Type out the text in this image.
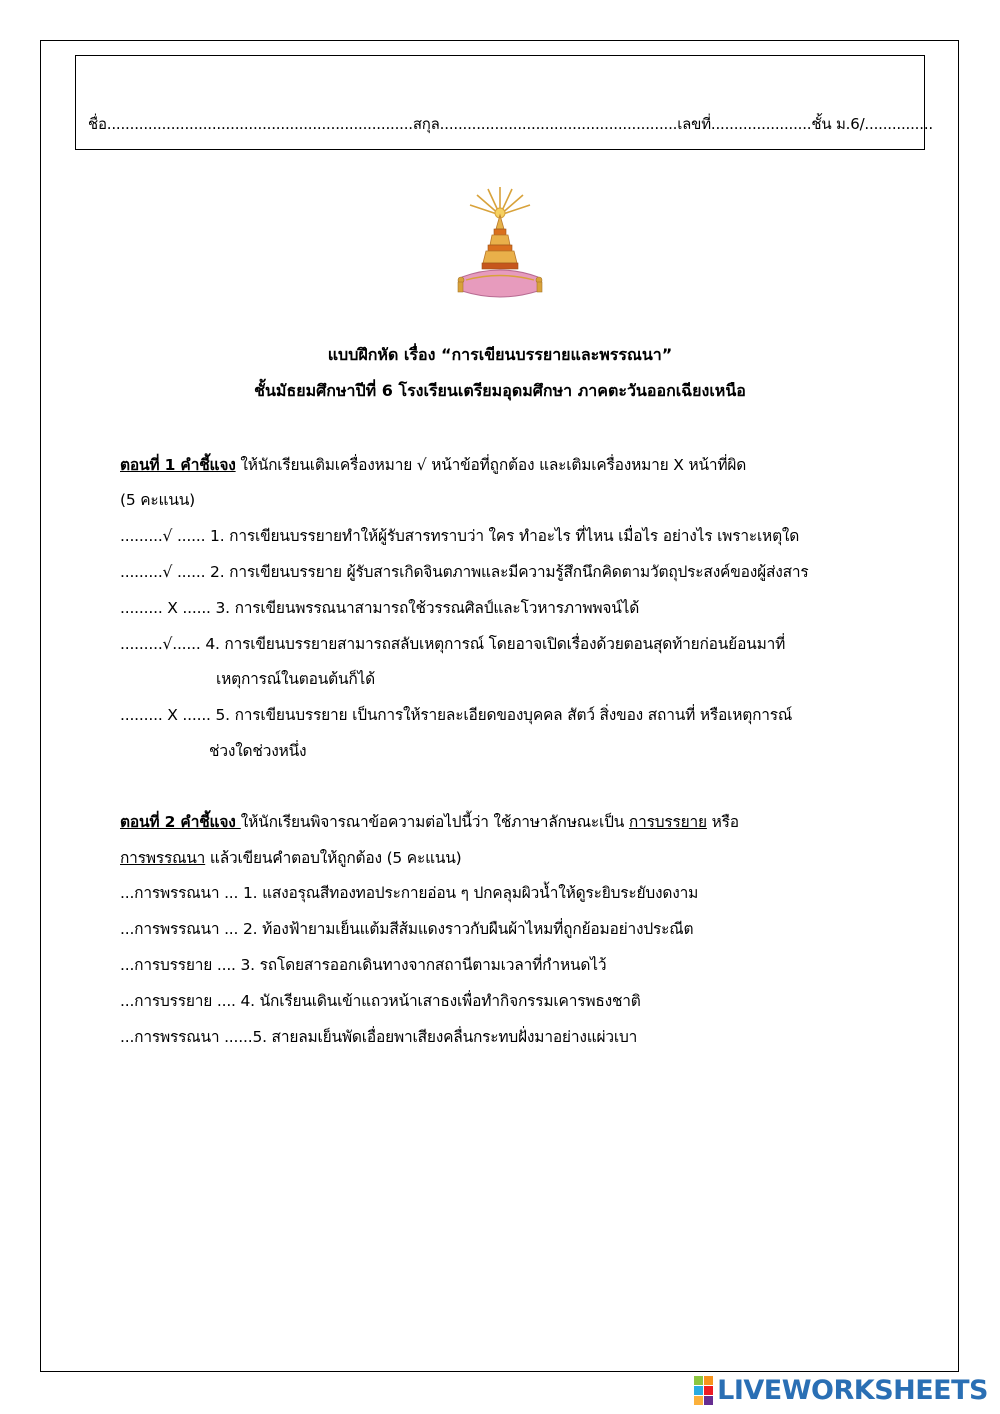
ชื่อ...................................................................สกุล....................................................เลขที่......................ชั้น ม.6/...............
แบบฝึกหัด เรื่อง “การเขียนบรรยายและพรรณนา”
ชั้นมัธยมศึกษาปีที่ 6 โรงเรียนเตรียมอุดมศึกษา ภาคตะวันออกเฉียงเหนือ
ตอนที่ 1 คำชี้แจง ให้นักเรียนเติมเครื่องหมาย √ หน้าข้อที่ถูกต้อง และเติมเครื่องหมาย X หน้าที่ผิด
(5 คะแนน)
.........√ ...... 1. การเขียนบรรยายทำให้ผู้รับสารทราบว่า ใคร ทำอะไร ที่ไหน เมื่อไร อย่างไร เพราะเหตุใด
.........√ ...... 2. การเขียนบรรยาย ผู้รับสารเกิดจินตภาพและมีความรู้สึกนึกคิดตามวัตถุประสงค์ของผู้ส่งสาร
......... X ...... 3. การเขียนพรรณนาสามารถใช้วรรณศิลป์และโวหารภาพพจน์ได้
.........√...... 4. การเขียนบรรยายสามารถสลับเหตุการณ์ โดยอาจเปิดเรื่องด้วยตอนสุดท้ายก่อนย้อนมาที่
เหตุการณ์ในตอนต้นก็ได้
......... X ...... 5. การเขียนบรรยาย เป็นการให้รายละเอียดของบุคคล สัตว์ สิ่งของ สถานที่ หรือเหตุการณ์
ช่วงใดช่วงหนึ่ง
ตอนที่ 2 คำชี้แจง ให้นักเรียนพิจารณาข้อความต่อไปนี้ว่า ใช้ภาษาลักษณะเป็น การบรรยาย หรือ
การพรรณนา แล้วเขียนคำตอบให้ถูกต้อง (5 คะแนน)
...การพรรณนา ... 1. แสงอรุณสีทองทอประกายอ่อน ๆ ปกคลุมผิวน้ำให้ดูระยิบระยับงดงาม
...การพรรณนา ... 2. ท้องฟ้ายามเย็นแต้มสีส้มแดงราวกับผืนผ้าไหมที่ถูกย้อมอย่างประณีต
...การบรรยาย .... 3. รถโดยสารออกเดินทางจากสถานีตามเวลาที่กำหนดไว้
...การบรรยาย .... 4. นักเรียนเดินเข้าแถวหน้าเสาธงเพื่อทำกิจกรรมเคารพธงชาติ
...การพรรณนา ......5. สายลมเย็นพัดเอื่อยพาเสียงคลื่นกระทบฝั่งมาอย่างแผ่วเบา
LIVEWORKSHEETS
